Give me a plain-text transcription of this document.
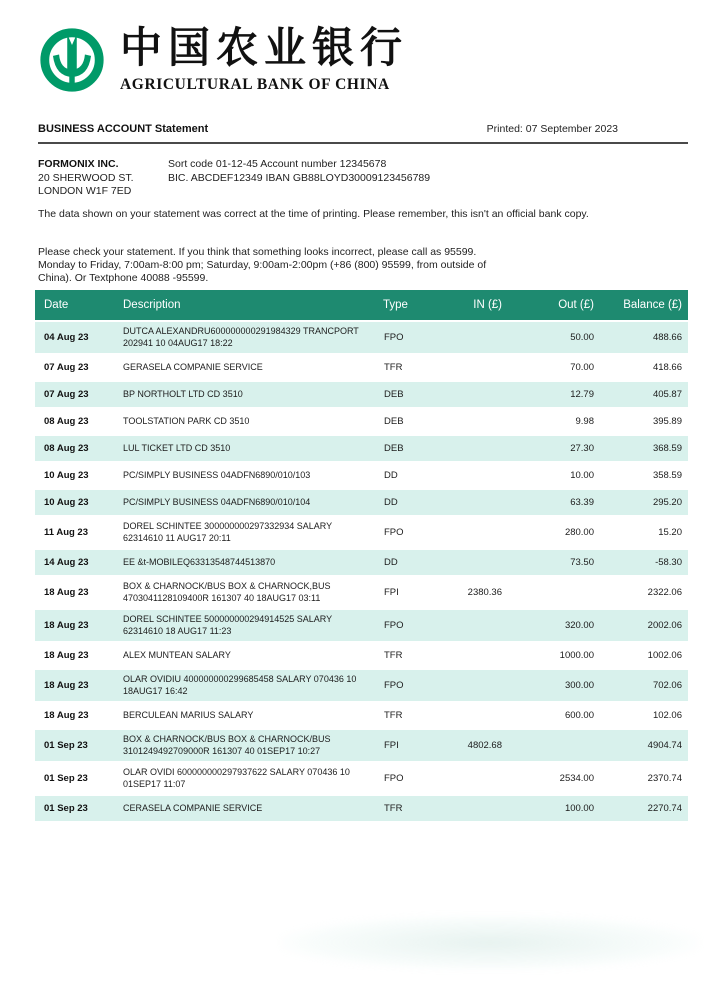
中国农业银行
AGRICULTURAL BANK OF CHINA
BUSINESS ACCOUNT Statement	Printed: 07 September 2023
FORMONIX INC.
20 SHERWOOD ST.
LONDON W1F 7ED
Sort code 01-12-45 Account number 12345678
BIC. ABCDEF12349 IBAN GB88LOYD30009123456789

The data shown on your statement was correct at the time of printing. Please remember, this isn't an official bank copy.

Please check your statement. If you think that something looks incorrect, please call as 95599. Monday to Friday, 7:00am-8:00 pm; Saturday, 9:00am-2:00pm (+86 (800) 95599, from outside of China). Or Textphone 40088 -95599.

Date	Description	Type	IN (£)	Out (£)	Balance (£)
04 Aug 23	DUTCA ALEXANDRU600000000291984329 TRANCPORT 202941 10 04AUG17 18:22	FPO		50.00	488.66
07 Aug 23	GERASELA COMPANIE SERVICE	TFR		70.00	418.66
07 Aug 23	BP NORTHOLT LTD CD 3510	DEB		12.79	405.87
08 Aug 23	TOOLSTATION PARK CD 3510	DEB		9.98	395.89
08 Aug 23	LUL TICKET LTD CD 3510	DEB		27.30	368.59
10 Aug 23	PC/SIMPLY BUSINESS 04ADFN6890/010/103	DD		10.00	358.59
10 Aug 23	PC/SIMPLY BUSINESS 04ADFN6890/010/104	DD		63.39	295.20
11 Aug 23	DOREL SCHINTEE 300000000297332934 SALARY 62314610 11 AUG17 20:11	FPO		280.00	15.20
14 Aug 23	EE &t-MOBILEQ63313548744513870	DD		73.50	-58.30
18 Aug 23	BOX & CHARNOCK/BUS BOX & CHARNOCK,BUS 4703041128109400R 161307 40 18AUG17 03:11	FPI	2380.36		2322.06
18 Aug 23	DOREL SCHINTEE 500000000294914525 SALARY 62314610 18 AUG17 11:23	FPO		320.00	2002.06
18 Aug 23	ALEX MUNTEAN SALARY	TFR		1000.00	1002.06
18 Aug 23	OLAR OVIDIU 400000000299685458 SALARY 070436 10 18AUG17 16:42	FPO		300.00	702.06
18 Aug 23	BERCULEAN MARIUS SALARY	TFR		600.00	102.06
01 Sep 23	BOX & CHARNOCK/BUS BOX & CHARNOCK/BUS 3101249492709000R 161307 40 01SEP17 10:27	FPI	4802.68		4904.74
01 Sep 23	OLAR OVIDI 600000000297937622 SALARY 070436 10 01SEP17 11:07	FPO		2534.00	2370.74
01 Sep 23	CERASELA COMPANIE SERVICE	TFR		100.00	2270.74
